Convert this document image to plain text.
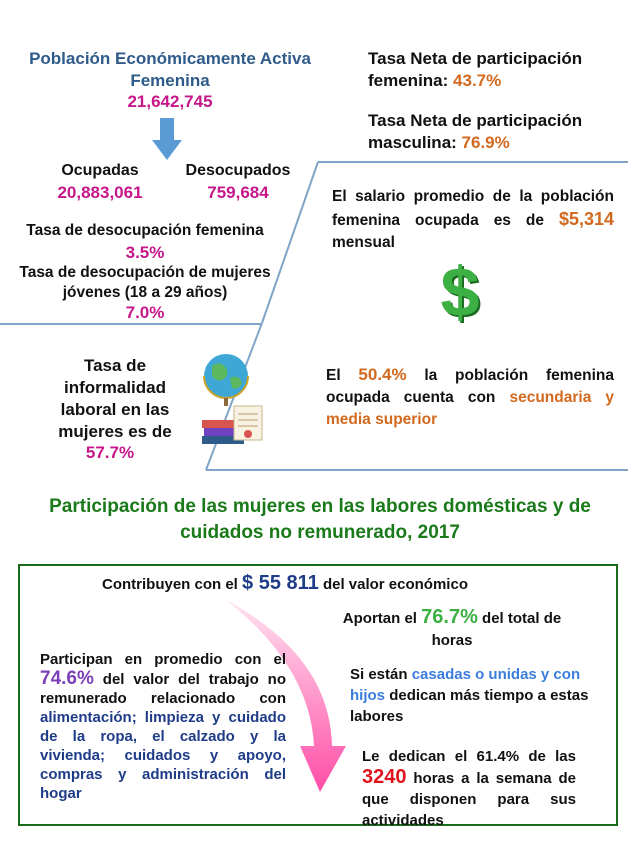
Población Económicamente Activa Femenina
21,642,745
Ocupadas
20,883,061
Desocupados
759,684
Tasa de desocupación femenina
3.5%
Tasa de desocupación de mujeres jóvenes (18 a 29 años)
7.0%
Tasa de informalidad laboral en las mujeres es de
57.7%
Tasa Neta de participación femenina: 43.7%
Tasa Neta de participación masculina: 76.9%
El salario promedio de la población femenina ocupada es de $5,314 mensual
$
El 50.4% la población femenina ocupada cuenta con secundaria y media superior
Participación de las mujeres en las labores domésticas y de cuidados no remunerado, 2017
Contribuyen con el $ 55 811 del valor económico
Aportan el 76.7% del total de horas
Si están casadas o unidas y con hijos dedican más tiempo a estas labores
Le dedican el 61.4% de las 3240 horas a la semana de que disponen para sus actividades
Participan en promedio con el 74.6% del valor del trabajo no remunerado relacionado con alimentación; limpieza y cuidado de la ropa, el calzado y la vivienda; cuidados y apoyo, compras y administración del hogar
